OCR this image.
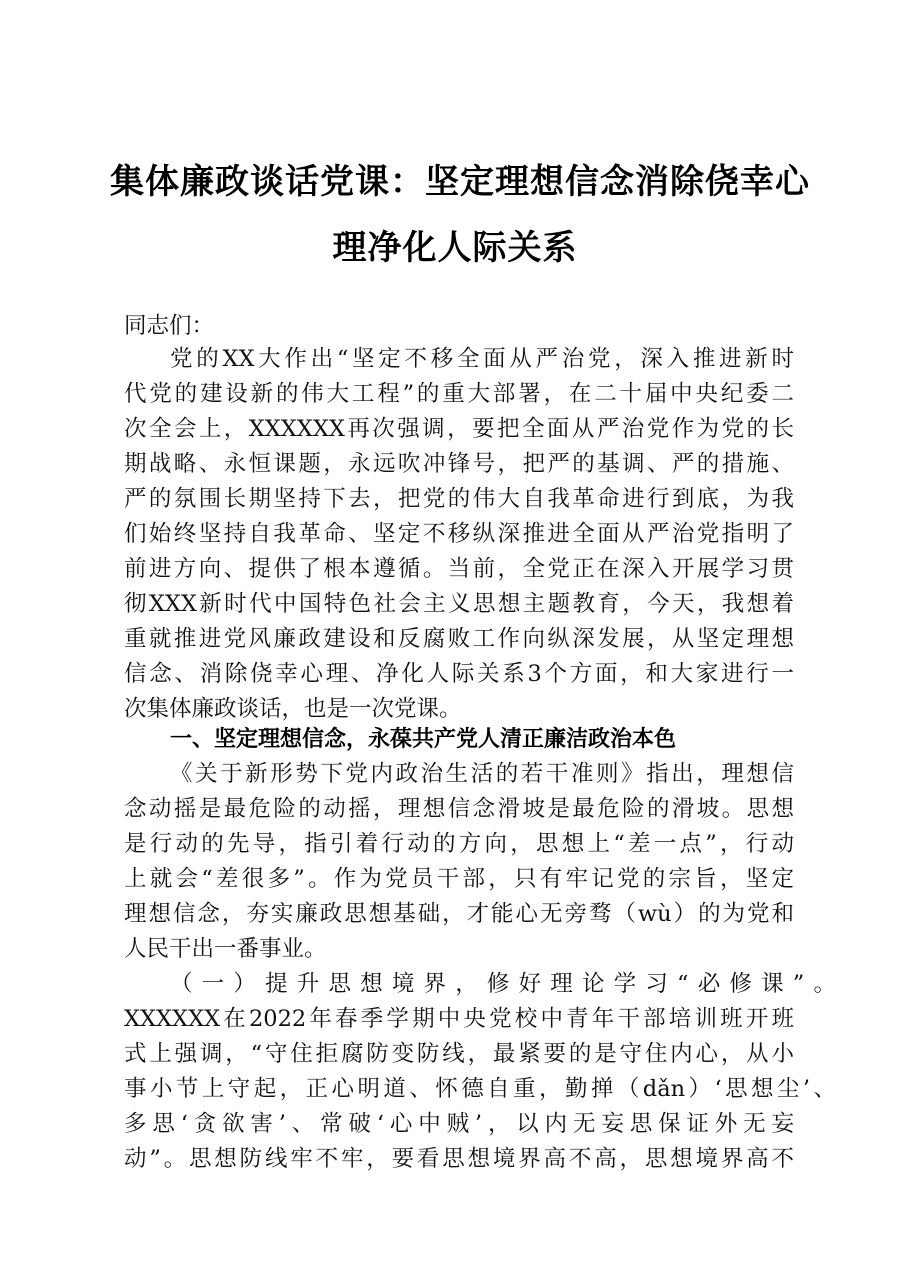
集体廉政谈话党课：坚定理想信念消除侥幸心
理净化人际关系
同志们：
党的XX大作出“坚定不移全面从严治党，深入推进新时
代党的建设新的伟大工程”的重大部署，在二十届中央纪委二
次全会上，XXXXXX再次强调，要把全面从严治党作为党的长
期战略、永恒课题，永远吹冲锋号，把严的基调、严的措施、
严的氛围长期坚持下去，把党的伟大自我革命进行到底，为我
们始终坚持自我革命、坚定不移纵深推进全面从严治党指明了
前进方向、提供了根本遵循。当前，全党正在深入开展学习贯
彻XXX新时代中国特色社会主义思想主题教育，今天，我想着
重就推进党风廉政建设和反腐败工作向纵深发展，从坚定理想
信念、消除侥幸心理、净化人际关系3个方面，和大家进行一
次集体廉政谈话，也是一次党课。
一、坚定理想信念，永葆共产党人清正廉洁政治本色
《关于新形势下党内政治生活的若干准则》指出，理想信
念动摇是最危险的动摇，理想信念滑坡是最危险的滑坡。思想
是行动的先导，指引着行动的方向，思想上“差一点”，行动
上就会“差很多”。作为党员干部，只有牢记党的宗旨，坚定
理想信念，夯实廉政思想基础，才能心无旁骛（wù）的为党和
人民干出一番事业。
（一）提升思想境界，修好理论学习“必修课”。
XXXXXX在2022年春季学期中央党校中青年干部培训班开班
式上强调，“守住拒腐防变防线，最紧要的是守住内心，从小
事小节上守起，正心明道、怀德自重，勤掸（dǎn）‘思想尘’、
多思‘贪欲害’、常破‘心中贼’，以内无妄思保证外无妄
动”。思想防线牢不牢，要看思想境界高不高，思想境界高不
